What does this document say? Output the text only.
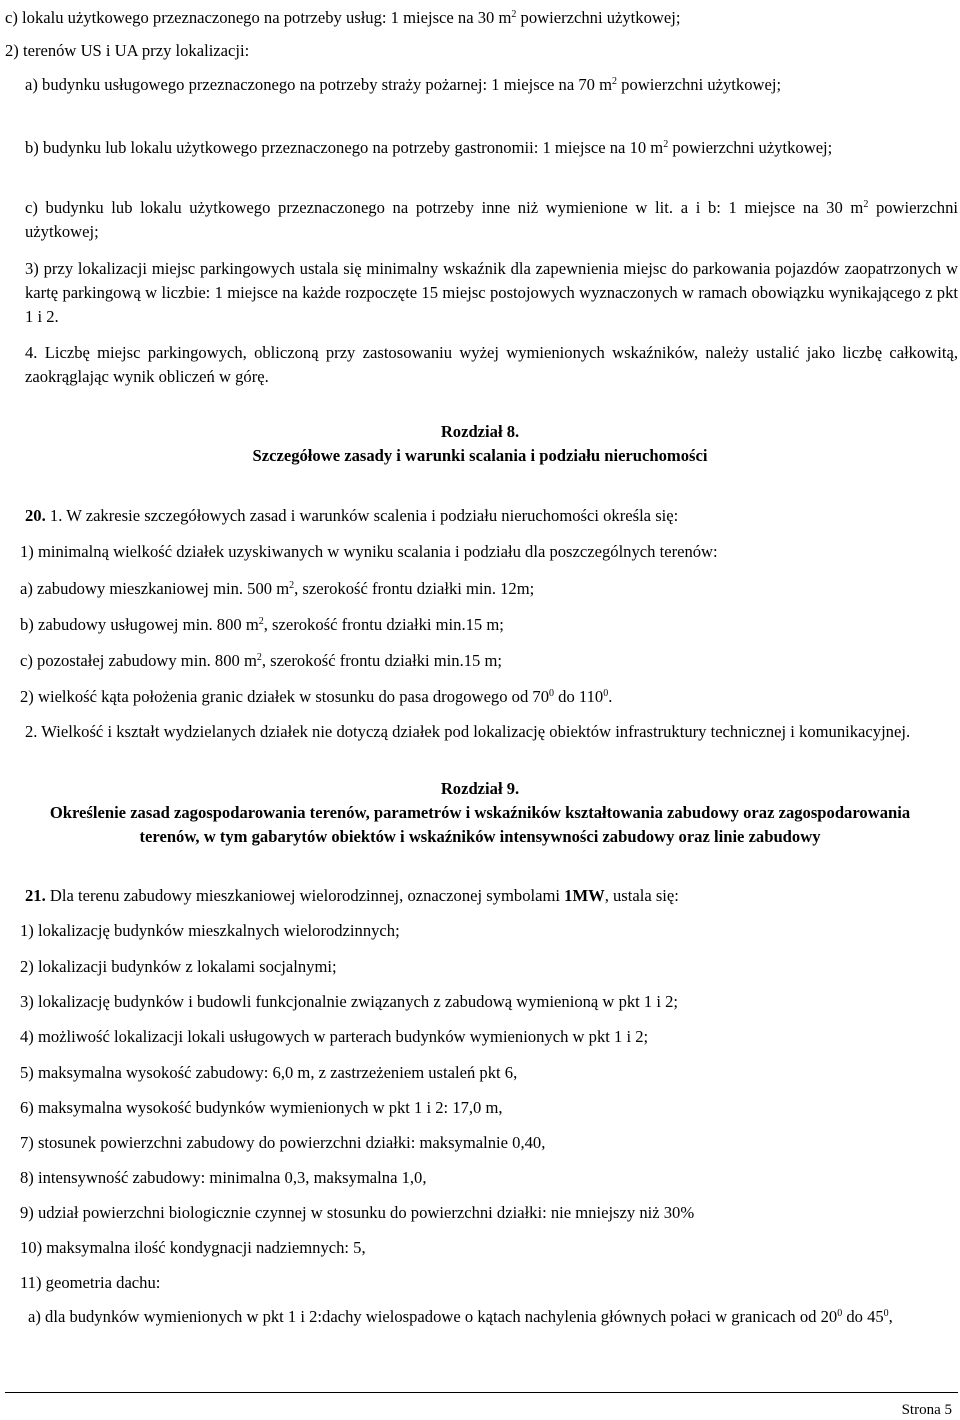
c) lokalu użytkowego przeznaczonego na potrzeby usług: 1 miejsce na 30 $m^2$ powierzchni użytkowej;

2) terenów US i UA przy lokalizacji:

a) budynku usługowego przeznaczonego na potrzeby straży pożarnej: 1 miejsce na 70 $m^2$ powierzchni użytkowej;

b) budynku lub lokalu użytkowego przeznaczonego na potrzeby gastronomii: 1 miejsce na 10 $m^2$ powierzchni użytkowej;

c) budynku lub lokalu użytkowego przeznaczonego na potrzeby inne niż wymienione w lit. a i b: 1 miejsce na 30 $m^2$ powierzchni użytkowej;

3) przy lokalizacji miejsc parkingowych ustala się minimalny wskaźnik dla zapewnienia miejsc do parkowania pojazdów zaopatrzonych w kartę parkingową w liczbie: 1 miejsce na każde rozpoczęte 15 miejsc postojowych wyznaczonych w ramach obowiązku wynikającego z pkt 1 i 2.

4. Liczbę miejsc parkingowych, obliczoną przy zastosowaniu wyżej wymienionych wskaźników, należy ustalić jako liczbę całkowitą, zaokrąglając wynik obliczeń w górę.

Rozdział 8.

Szczegółowe zasady i warunki scalania i podziału nieruchomości

20. 1. W zakresie szczegółowych zasad i warunków scalenia i podziału nieruchomości określa się:

1) minimalną wielkość działek uzyskiwanych w wyniku scalania i podziału dla poszczególnych terenów:

a) zabudowy mieszkaniowej min. 500 $m^2$, szerokość frontu działki min. 12m;

b) zabudowy usługowej min. 800 $m^2$, szerokość frontu działki min.15 m;

c) pozostałej zabudowy min. 800 $m^2$, szerokość frontu działki min.15 m;

2) wielkość kąta położenia granic działek w stosunku do pasa drogowego od $70^0$ do $110^0$.

2. Wielkość i kształt wydzielanych działek nie dotyczą działek pod lokalizację obiektów infrastruktury technicznej i komunikacyjnej.

Rozdział 9.

Określenie zasad zagospodarowania terenów, parametrów i wskaźników kształtowania zabudowy oraz zagospodarowania terenów, w tym gabarytów obiektów i wskaźników intensywności zabudowy oraz linie zabudowy

21. Dla terenu zabudowy mieszkaniowej wielorodzinnej, oznaczonej symbolami 1MW, ustala się:

1) lokalizację budynków mieszkalnych wielorodzinnych;

2) lokalizacji budynków z lokalami socjalnymi;

3) lokalizację budynków i budowli funkcjonalnie związanych z zabudową wymienioną w pkt 1 i 2;

4) możliwość lokalizacji lokali usługowych w parterach budynków wymienionych w pkt 1 i 2;

5) maksymalna wysokość zabudowy: 6,0 m, z zastrzeżeniem ustaleń pkt 6,

6) maksymalna wysokość budynków wymienionych w pkt 1 i 2: 17,0 m,

7) stosunek powierzchni zabudowy do powierzchni działki: maksymalnie 0,40,

8) intensywność zabudowy: minimalna 0,3, maksymalna 1,0,

9) udział powierzchni biologicznie czynnej w stosunku do powierzchni działki: nie mniejszy niż 30%

10) maksymalna ilość kondygnacji nadziemnych: 5,

11) geometria dachu:

a) dla budynków wymienionych w pkt 1 i 2:dachy wielospadowe o kątach nachylenia głównych połaci w granicach od $20^0$ do $45^0$,

Strona 5
